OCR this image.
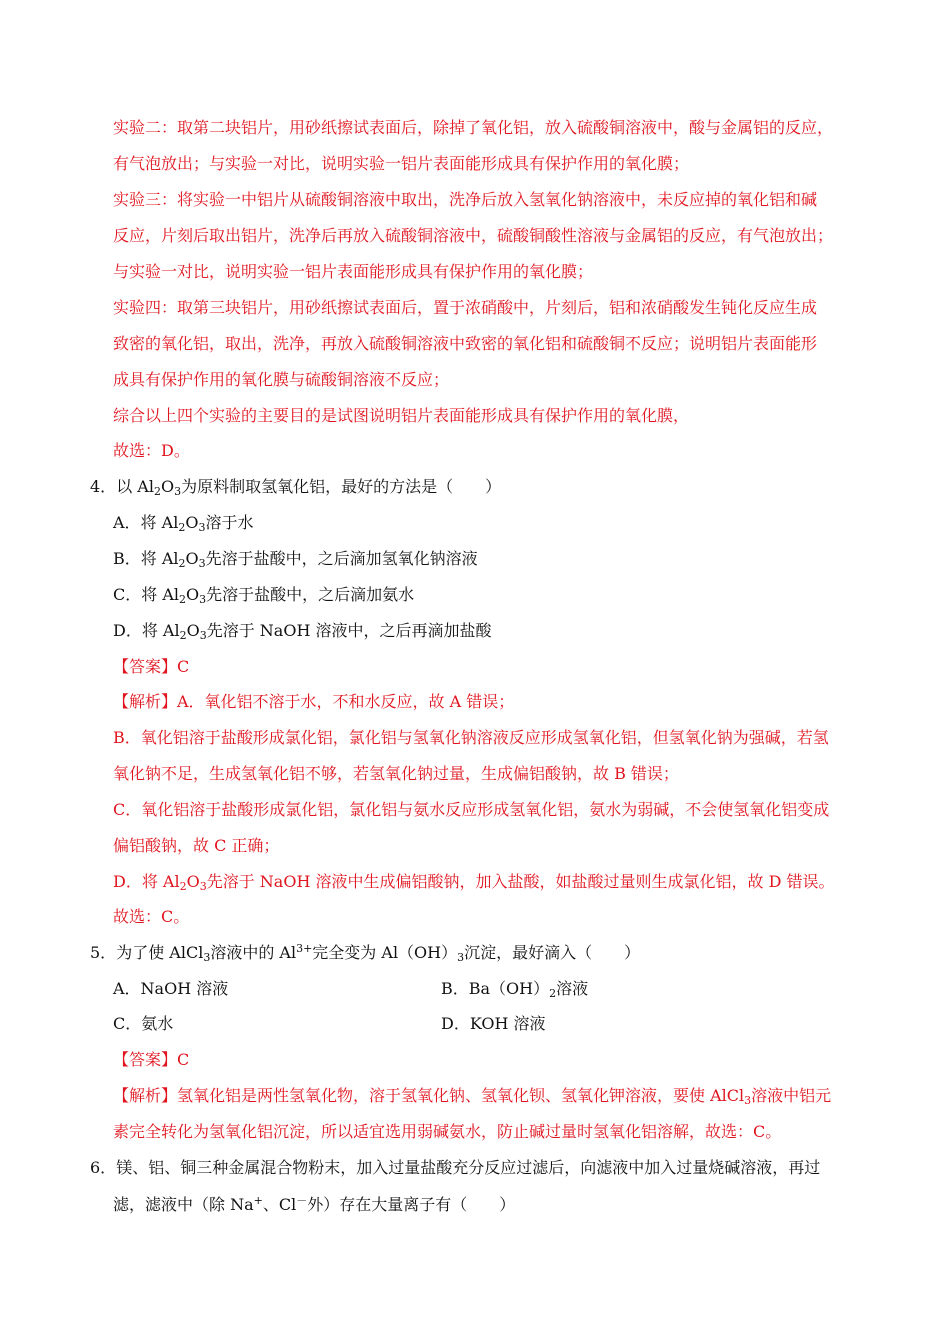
实验二：取第二块铝片，用砂纸擦试表面后，除掉了氧化铝，放入硫酸铜溶液中，酸与金属铝的反应，
有气泡放出；与实验一对比，说明实验一铝片表面能形成具有保护作用的氧化膜；
实验三：将实验一中铝片从硫酸铜溶液中取出，洗净后放入氢氧化钠溶液中，未反应掉的氧化铝和碱
反应，片刻后取出铝片，洗净后再放入硫酸铜溶液中，硫酸铜酸性溶液与金属铝的反应，有气泡放出；
与实验一对比，说明实验一铝片表面能形成具有保护作用的氧化膜；
实验四：取第三块铝片，用砂纸擦试表面后，置于浓硝酸中，片刻后，铝和浓硝酸发生钝化反应生成
致密的氧化铝，取出，洗净，再放入硫酸铜溶液中致密的氧化铝和硫酸铜不反应；说明铝片表面能形
成具有保护作用的氧化膜与硫酸铜溶液不反应；
综合以上四个实验的主要目的是试图说明铝片表面能形成具有保护作用的氧化膜，
故选：D。
4．以 $Al_2O_3$为原料制取氢氧化铝，最好的方法是（　　）
A．将 $Al_2O_3$溶于水
B．将 $Al_2O_3$先溶于盐酸中，之后滴加氢氧化钠溶液
C．将 $Al_2O_3$先溶于盐酸中，之后滴加氨水
D．将 $Al_2O_3$先溶于 NaOH 溶液中，之后再滴加盐酸
【答案】C
【解析】A．氧化铝不溶于水，不和水反应，故 A 错误；
B．氧化铝溶于盐酸形成氯化铝，氯化铝与氢氧化钠溶液反应形成氢氧化铝，但氢氧化钠为强碱，若氢
氧化钠不足，生成氢氧化铝不够，若氢氧化钠过量，生成偏铝酸钠，故 B 错误；
C．氧化铝溶于盐酸形成氯化铝，氯化铝与氨水反应形成氢氧化铝，氨水为弱碱，不会使氢氧化铝变成
偏铝酸钠，故 C 正确；
D．将 $Al_2O_3$先溶于 NaOH 溶液中生成偏铝酸钠，加入盐酸，如盐酸过量则生成氯化铝，故 D 错误。
故选：C。
5．为了使 AlCl$_3$溶液中的 $Al^{3+}$完全变为 $Al(OH)_3$沉淀，最好滴入（　　）
A．NaOH 溶液	B．$Ba(OH)_2$溶液
C．氨水	D．KOH 溶液
【答案】C
【解析】氢氧化铝是两性氢氧化物，溶于氢氧化钠、氢氧化钡、氢氧化钾溶液，要使 AlCl$_3$溶液中铝元
素完全转化为氢氧化铝沉淀，所以适宜选用弱碱氨水，防止碱过量时氢氧化铝溶解，故选：C。
6．镁、铝、铜三种金属混合物粉末，加入过量盐酸充分反应过滤后，向滤液中加入过量烧碱溶液，再过
滤，滤液中（除 Na+、Cl－外）存在大量离子有（　　）
